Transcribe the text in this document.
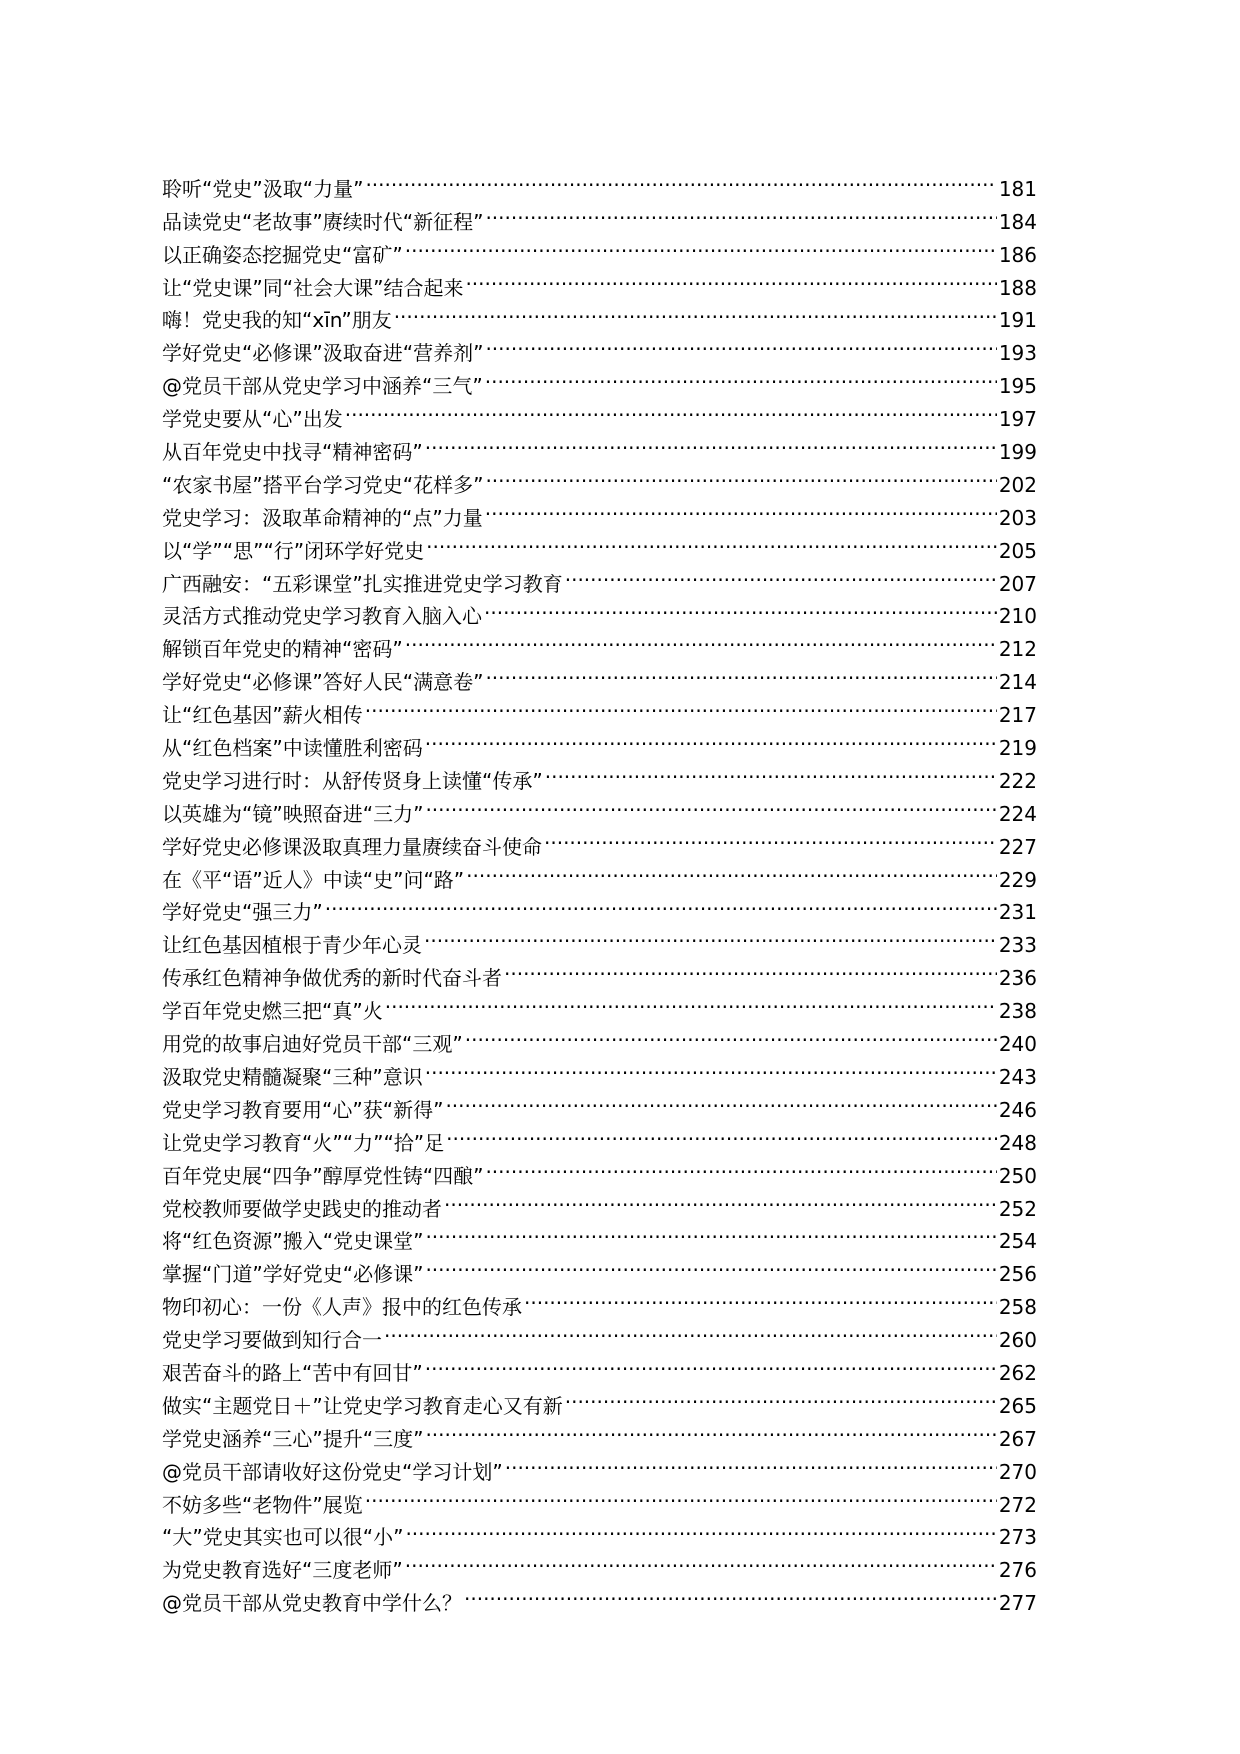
聆听“党史”汲取“力量” .....	181
品读党史“老故事”赓续时代“新征程” .....	184
以正确姿态挖掘党史“富矿” .....	186
让“党史课”同“社会大课”结合起来 .....	188
嗨！党史我的知“xīn”朋友 .....	191
学好党史“必修课”汲取奋进“营养剂” .....	193
@党员干部从党史学习中涵养“三气” .....	195
学党史要从“心”出发 .....	197
从百年党史中找寻“精神密码” .....	199
“农家书屋”搭平台学习党史“花样多” .....	202
党史学习：汲取革命精神的“点”力量 .....	203
以“学”“思”“行”闭环学好党史 .....	205
广西融安：“五彩课堂”扎实推进党史学习教育 .....	207
灵活方式推动党史学习教育入脑入心 .....	210
解锁百年党史的精神“密码” .....	212
学好党史“必修课”答好人民“满意卷” .....	214
让“红色基因”薪火相传 .....	217
从“红色档案”中读懂胜利密码 .....	219
党史学习进行时：从舒传贤身上读懂“传承” .....	222
以英雄为“镜”映照奋进“三力” .....	224
学好党史必修课汲取真理力量赓续奋斗使命 .....	227
在《平“语”近人》中读“史”问“路” .....	229
学好党史“强三力” .....	231
让红色基因植根于青少年心灵 .....	233
传承红色精神争做优秀的新时代奋斗者 .....	236
学百年党史燃三把“真”火 .....	238
用党的故事启迪好党员干部“三观” .....	240
汲取党史精髓凝聚“三种”意识 .....	243
党史学习教育要用“心”获“新得” .....	246
让党史学习教育“火”“力”“拾”足 .....	248
百年党史展“四争”醇厚党性铸“四酿” .....	250
党校教师要做学史践史的推动者 .....	252
将“红色资源”搬入“党史课堂” .....	254
掌握“门道”学好党史“必修课” .....	256
物印初心：一份《人声》报中的红色传承 .....	258
党史学习要做到知行合一 .....	260
艰苦奋斗的路上“苦中有回甘” .....	262
做实“主题党日＋”让党史学习教育走心又有新 .....	265
学党史涵养“三心”提升“三度” .....	267
@党员干部请收好这份党史“学习计划” .....	270
不妨多些“老物件”展览 .....	272
“大”党史其实也可以很“小” .....	273
为党史教育选好“三度老师” .....	276
@党员干部从党史教育中学什么？ .....	277
